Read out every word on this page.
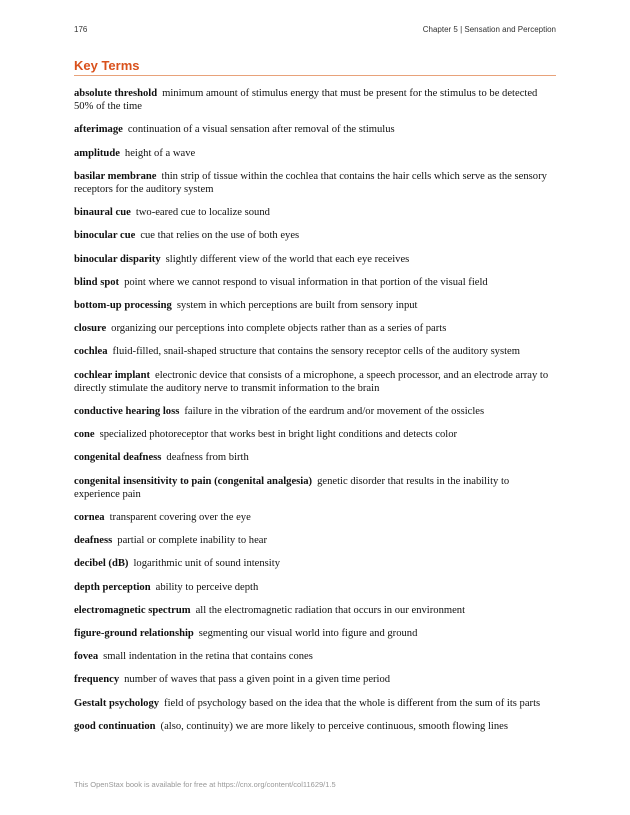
176	Chapter 5 | Sensation and Perception
Key Terms

absolute threshold minimum amount of stimulus energy that must be present for the stimulus to be detected 50% of the time

afterimage continuation of a visual sensation after removal of the stimulus

amplitude height of a wave

basilar membrane thin strip of tissue within the cochlea that contains the hair cells which serve as the sensory receptors for the auditory system

binaural cue two-eared cue to localize sound

binocular cue cue that relies on the use of both eyes

binocular disparity slightly different view of the world that each eye receives

blind spot point where we cannot respond to visual information in that portion of the visual field

bottom-up processing system in which perceptions are built from sensory input

closure organizing our perceptions into complete objects rather than as a series of parts

cochlea fluid-filled, snail-shaped structure that contains the sensory receptor cells of the auditory system

cochlear implant electronic device that consists of a microphone, a speech processor, and an electrode array to directly stimulate the auditory nerve to transmit information to the brain

conductive hearing loss failure in the vibration of the eardrum and/or movement of the ossicles

cone specialized photoreceptor that works best in bright light conditions and detects color

congenital deafness deafness from birth

congenital insensitivity to pain (congenital analgesia) genetic disorder that results in the inability to experience pain

cornea transparent covering over the eye

deafness partial or complete inability to hear

decibel (dB) logarithmic unit of sound intensity

depth perception ability to perceive depth

electromagnetic spectrum all the electromagnetic radiation that occurs in our environment

figure-ground relationship segmenting our visual world into figure and ground

fovea small indentation in the retina that contains cones

frequency number of waves that pass a given point in a given time period

Gestalt psychology field of psychology based on the idea that the whole is different from the sum of its parts

good continuation (also, continuity) we are more likely to perceive continuous, smooth flowing lines

This OpenStax book is available for free at https://cnx.org/content/col11629/1.5
